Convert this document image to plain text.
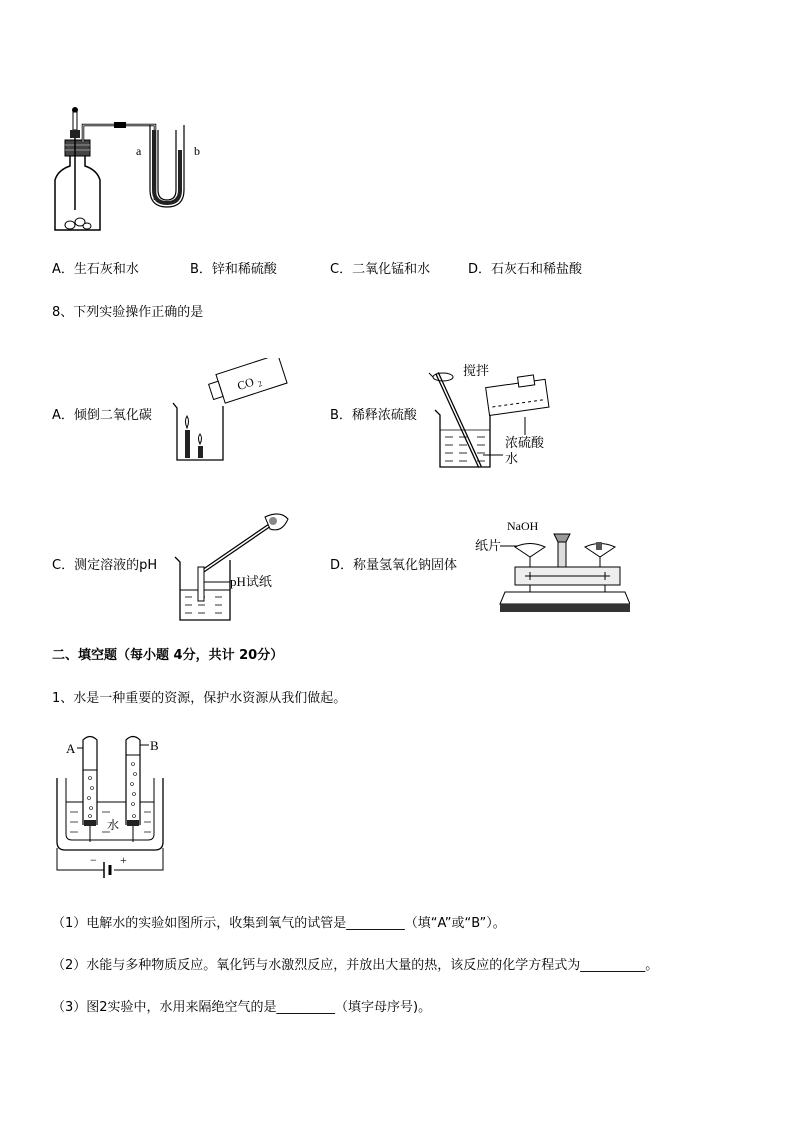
a	b
A．生石灰和水	B．锌和稀硫酸	C．二氧化锰和水	D．石灰石和稀盐酸
8、下列实验操作正确的是
A．倾倒二氧化碳
CO 2
B．稀释浓硫酸
搅拌
浓硫酸
水
C．测定溶液的pH
pH试纸
D．称量氢氧化钠固体
NaOH
纸片
二、填空题（每小题 4分，共计 20分）
1、水是一种重要的资源，保护水资源从我们做起。
A	B
水
− +
（1）电解水的实验如图所示，收集到氧气的试管是_________（填“A”或“B”）。
（2）水能与多种物质反应。氧化钙与水激烈反应，并放出大量的热，该反应的化学方程式为__________。
（3）图2实验中，水用来隔绝空气的是_________（填字母序号)。
